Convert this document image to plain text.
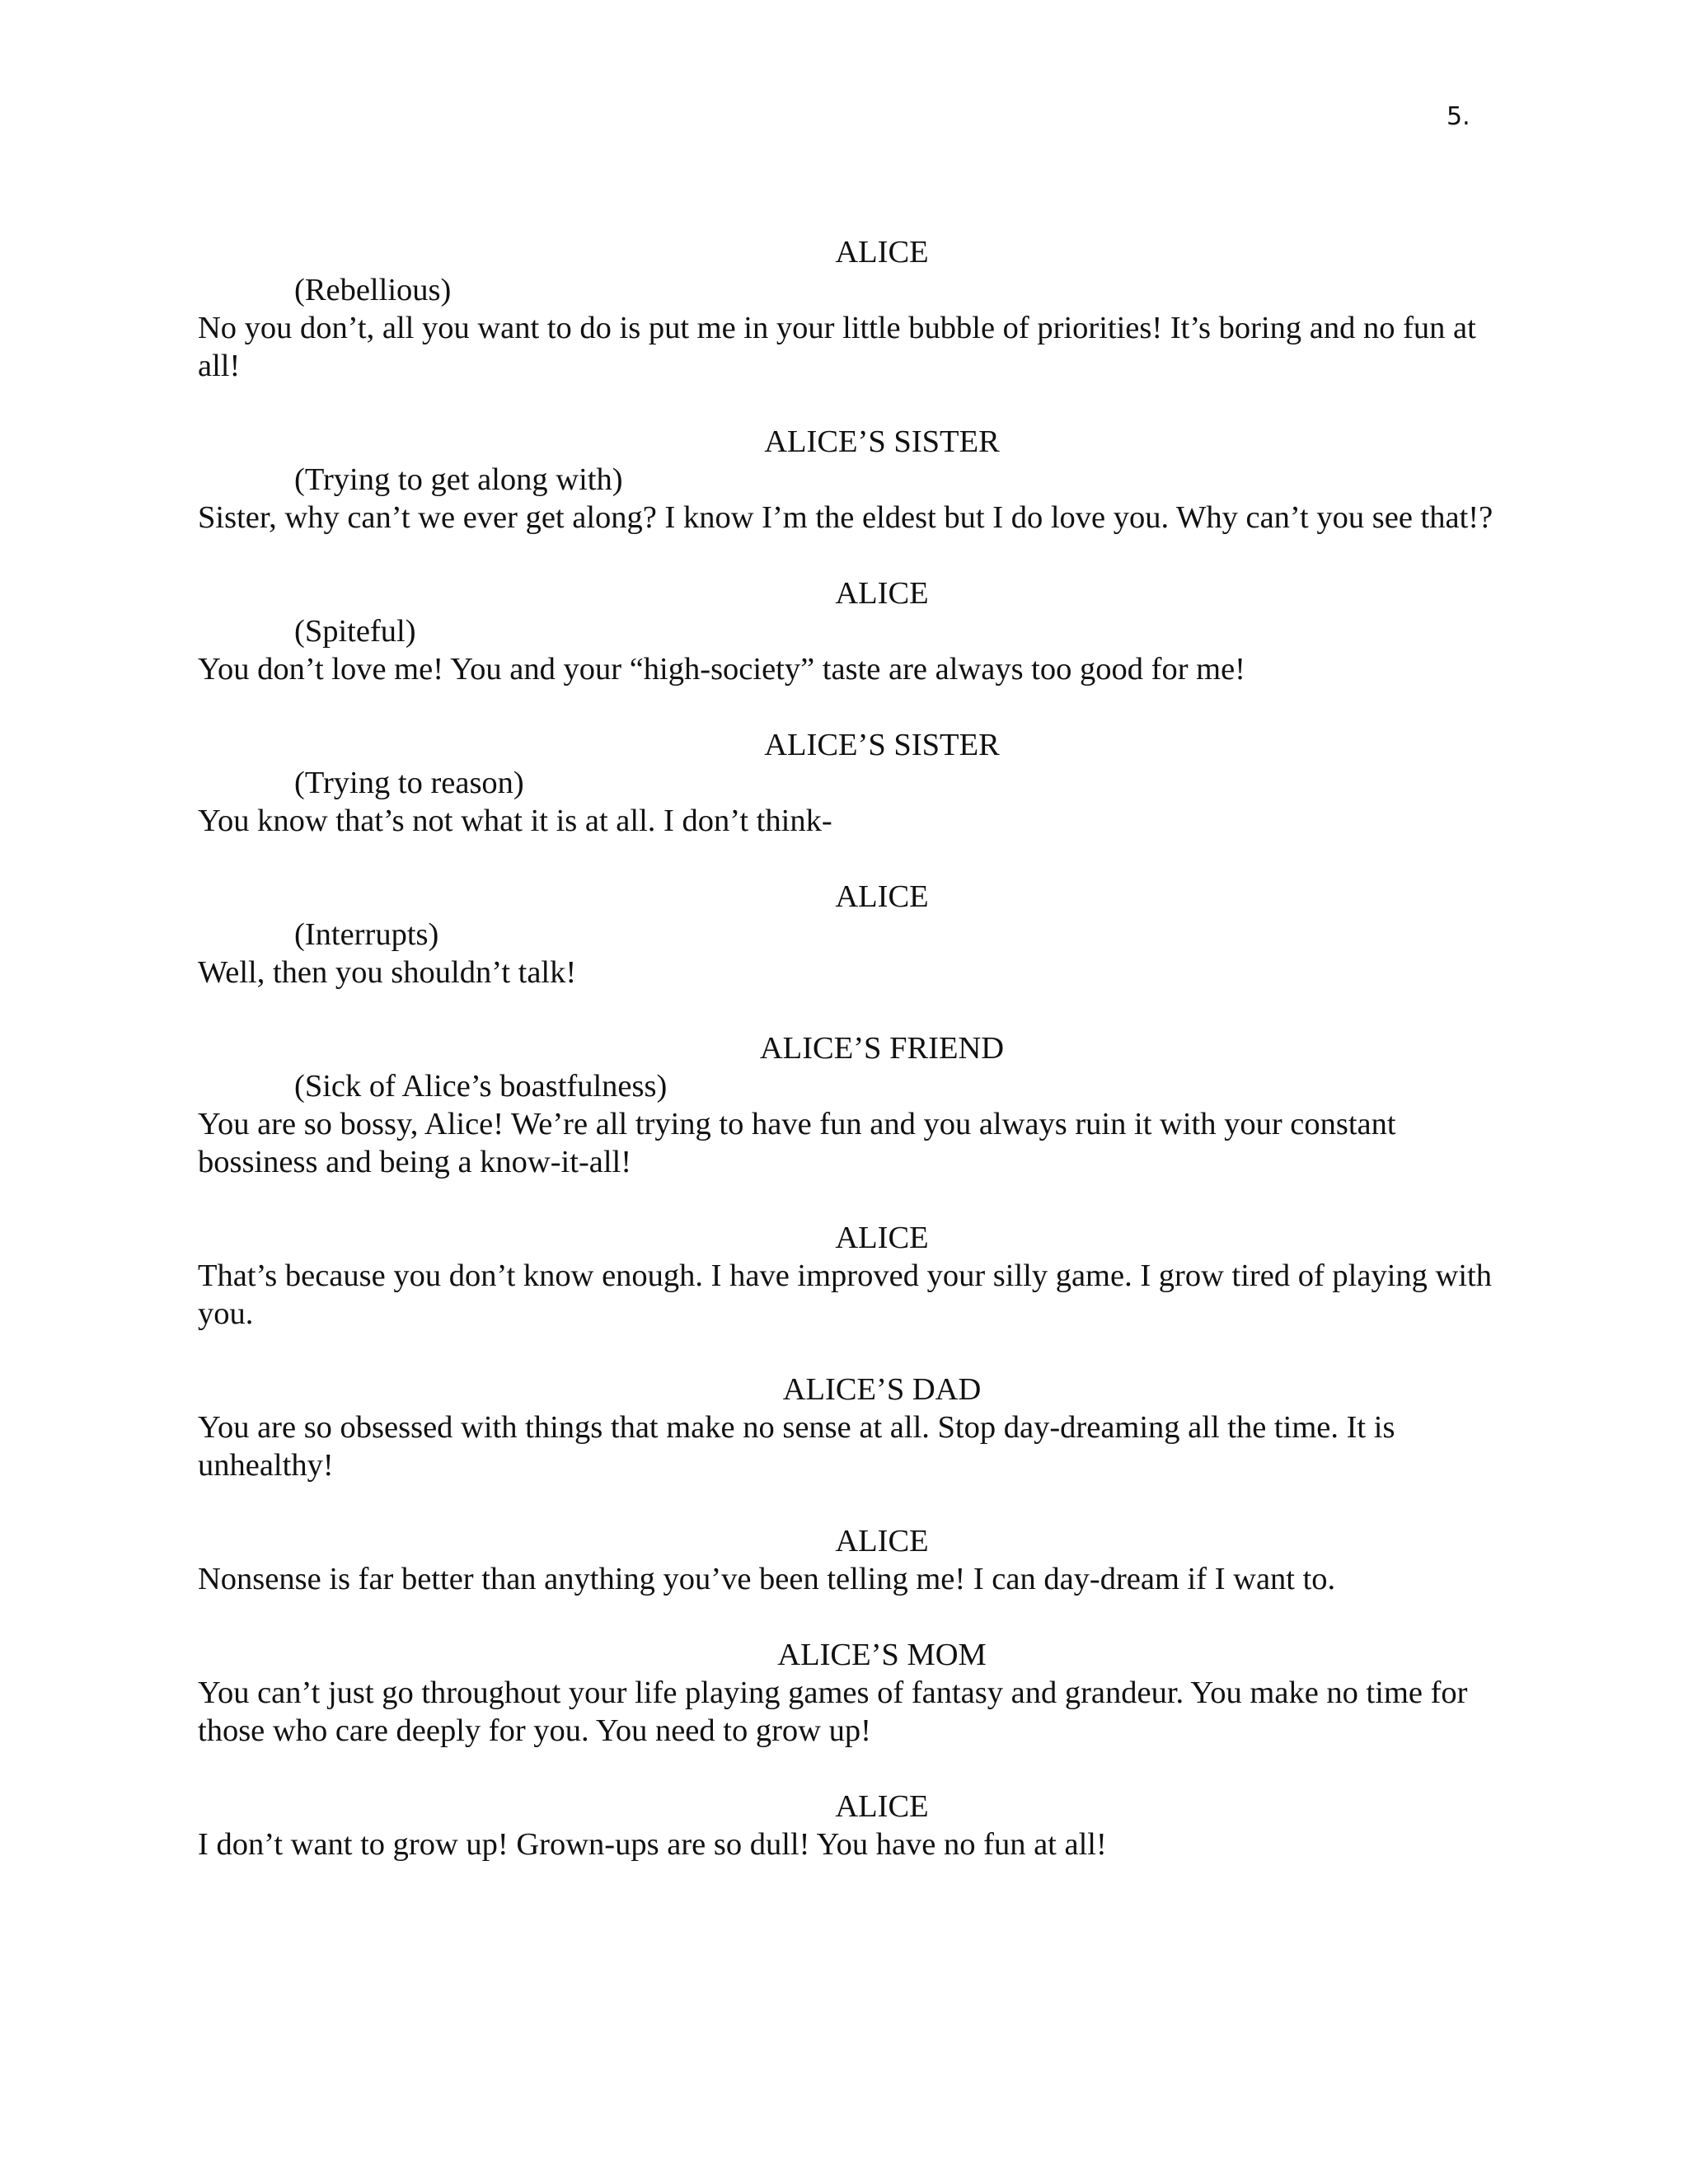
5.

ALICE

(Rebellious)

No you don’t, all you want to do is put me in your little bubble of priorities! It’s boring and no fun at all!

ALICE’S SISTER

(Trying to get along with)

Sister, why can’t we ever get along? I know I’m the eldest but I do love you. Why can’t you see that!?

ALICE

(Spiteful)

You don’t love me! You and your “high-society” taste are always too good for me!

ALICE’S SISTER

(Trying to reason)

You know that’s not what it is at all. I don’t think-

ALICE

(Interrupts)

Well, then you shouldn’t talk!

ALICE’S FRIEND

(Sick of Alice’s boastfulness)

You are so bossy, Alice! We’re all trying to have fun and you always ruin it with your constant bossiness and being a know-it-all!

ALICE

That’s because you don’t know enough. I have improved your silly game. I grow tired of playing with you.

ALICE’S DAD

You are so obsessed with things that make no sense at all. Stop day-dreaming all the time. It is unhealthy!

ALICE

Nonsense is far better than anything you’ve been telling me! I can day-dream if I want to.

ALICE’S MOM

You can’t just go throughout your life playing games of fantasy and grandeur. You make no time for those who care deeply for you. You need to grow up!

ALICE

I don’t want to grow up! Grown-ups are so dull! You have no fun at all!
